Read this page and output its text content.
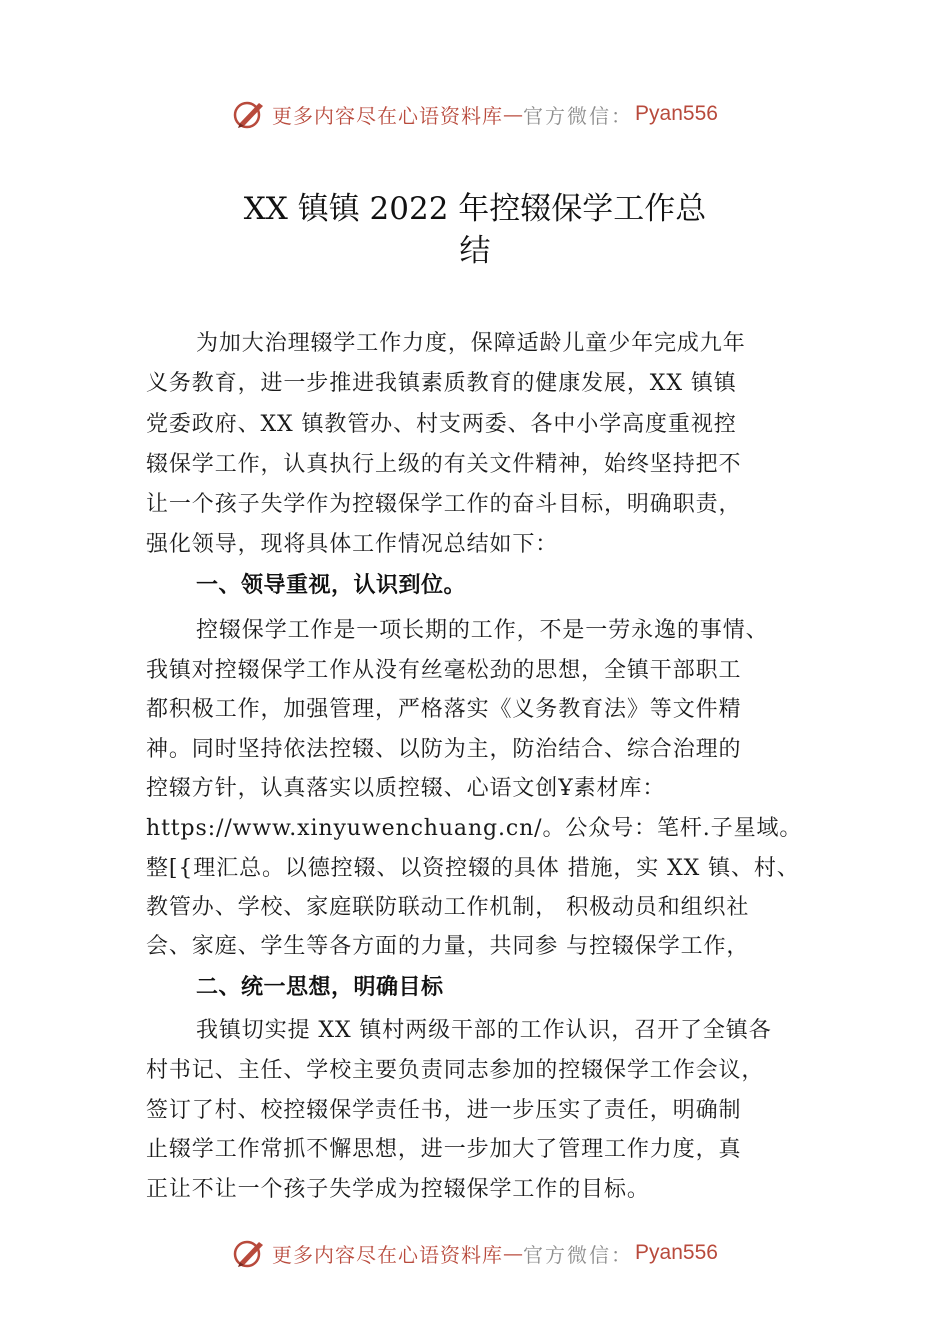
更多内容尽在心语资料库 — 官方微信： Pyan556
XX 镇镇 2022 年控辍保学工作总
结
为加大治理辍学工作力度，保障适龄儿童少年完成九年
义务教育，进一步推进我镇素质教育的健康发展，XX 镇镇
党委政府、XX 镇教管办、村支两委、各中小学高度重视控
辍保学工作，认真执行上级的有关文件精神，始终坚持把不
让一个孩子失学作为控辍保学工作的奋斗目标，明确职责，
强化领导，现将具体工作情况总结如下：
一、领导重视，认识到位。
控辍保学工作是一项长期的工作，不是一劳永逸的事情、
我镇对控辍保学工作从没有丝毫松劲的思想，全镇干部职工
都积极工作，加强管理，严格落实《义务教育法》等文件精
神。同时坚持依法控辍、以防为主，防治结合、综合治理的
控辍方针，认真落实以质控辍、心语文创Ұ素材库：
https://www.xinyuwenchuang.cn/。公众号：笔杆.子星域。
整[{理汇总。以德控辍、以资控辍的具体 措施，实 XX 镇、村、
教管办、学校、家庭联防联动工作机制， 积极动员和组织社
会、家庭、学生等各方面的力量，共同参 与控辍保学工作，
二、统一思想，明确目标
我镇切实提 XX 镇村两级干部的工作认识，召开了全镇各
村书记、主任、学校主要负责同志参加的控辍保学工作会议，
签订了村、校控辍保学责任书，进一步压实了责任，明确制
止辍学工作常抓不懈思想，进一步加大了管理工作力度，真
正让不让一个孩子失学成为控辍保学工作的目标。
更多内容尽在心语资料库 — 官方微信： Pyan556
